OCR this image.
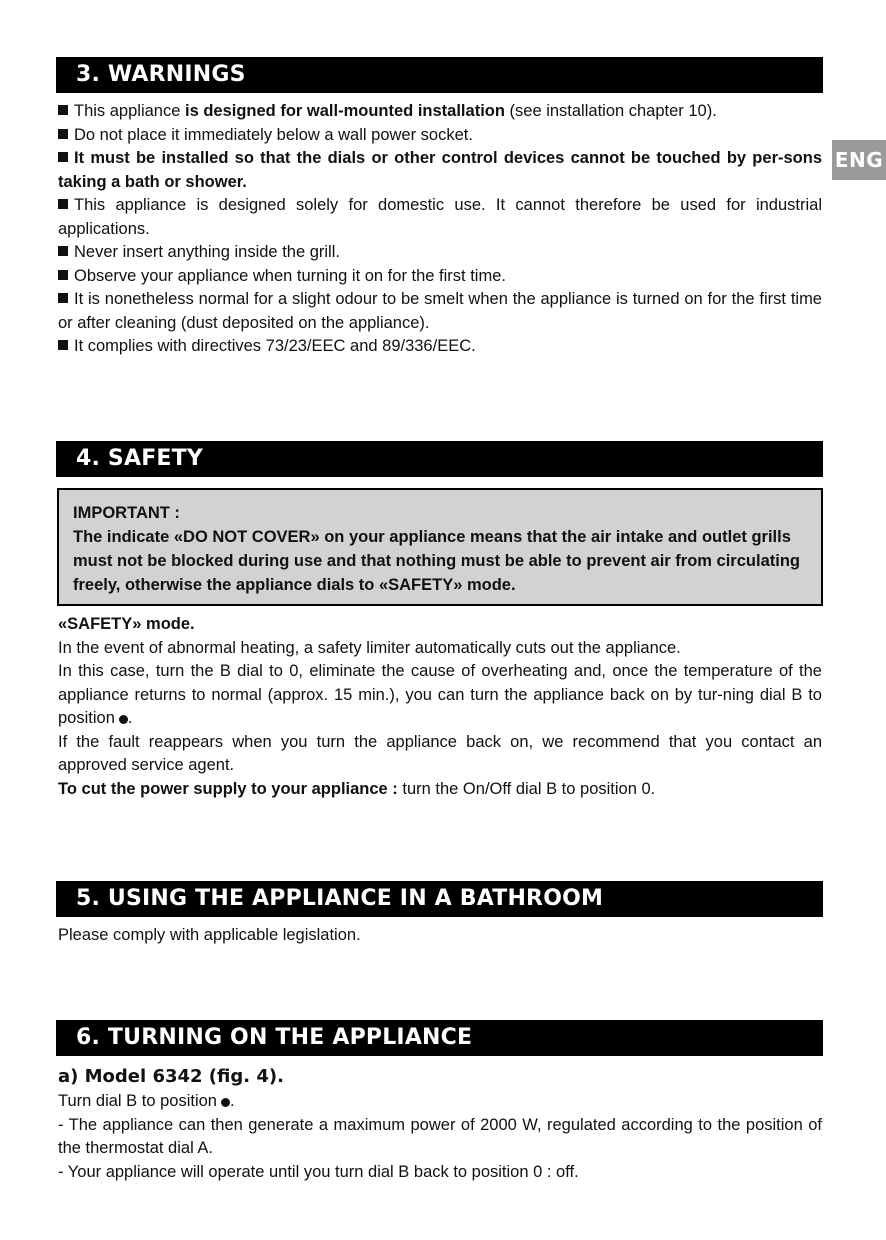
ENG
3. WARNINGS

This appliance is designed for wall-mounted installation (see installation chapter 10).

Do not place it immediately below a wall power socket.

It must be installed so that the dials or other control devices cannot be touched by per-sons taking a bath or shower.

This appliance is designed solely for domestic use. It cannot therefore be used for industrial applications.

Never insert anything inside the grill.

Observe your appliance when turning it on for the first time.

It is nonetheless normal for a slight odour to be smelt when the appliance is turned on for the first time or after cleaning (dust deposited on the appliance).

It complies with directives 73/23/EEC and 89/336/EEC.

4. SAFETY

IMPORTANT :

The indicate «DO NOT COVER» on your appliance means that the air intake and outlet grills must not be blocked during use and that nothing must be able to prevent air from circulating freely, otherwise the appliance dials to «SAFETY» mode.

«SAFETY» mode.

In the event of abnormal heating, a safety limiter automatically cuts out the appliance.

In this case, turn the B dial to 0, eliminate the cause of overheating and, once the temperature of the appliance returns to normal (approx. 15 min.), you can turn the appliance back on by tur-ning dial B to position .

If the fault reappears when you turn the appliance back on, we recommend that you contact an approved service agent.

To cut the power supply to your appliance : turn the On/Off dial B to position 0.

5. USING THE APPLIANCE IN A BATHROOM

Please comply with applicable legislation.

6. TURNING ON THE APPLIANCE

a) Model 6342 (fig. 4).

Turn dial B to position .

- The appliance can then generate a maximum power of 2000 W, regulated according to the position of the thermostat dial A.

- Your appliance will operate until you turn dial B back to position 0 : off.
